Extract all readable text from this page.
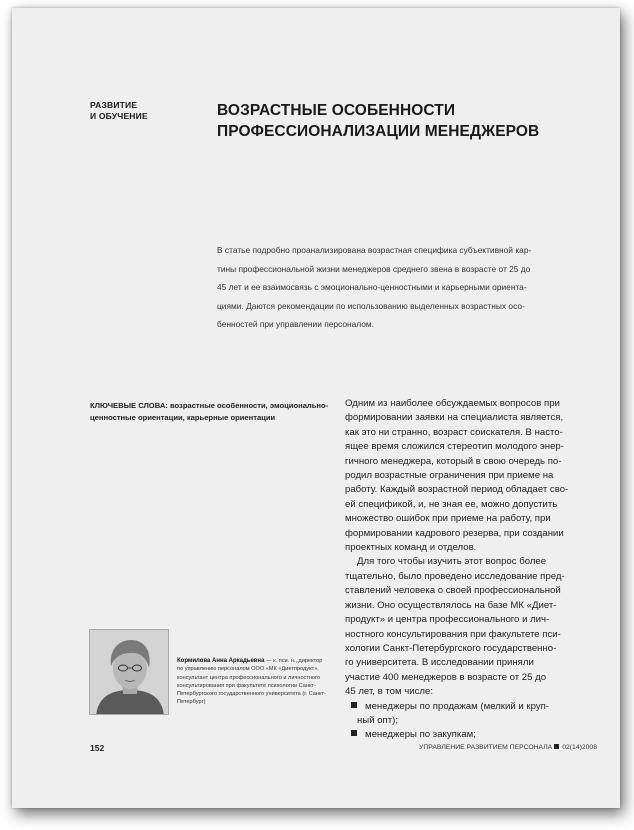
РАЗВИТИЕ
И ОБУЧЕНИЕ	ВОЗРАСТНЫЕ ОСОБЕННОСТИ
ПРОФЕССИОНАЛИЗАЦИИ МЕНЕДЖЕРОВ
В статье подробно проанализирована возрастная специфика субъективной кар-
тины профессиональной жизни менеджеров среднего звена в возрасте от 25 до
45 лет и ее взаимосвязь с эмоционально-ценностными и карьерными ориента-
циями. Даются рекомендации по использованию выделенных возрастных осо-
бенностей при управлении персоналом.
КЛЮЧЕВЫЕ СЛОВА: возрастные особенности, эмоционально-
ценностные ориентации, карьерные ориентации
Одним из наиболее обсуждаемых вопросов при
формировании заявки на специалиста является,
как это ни странно, возраст соискателя. В насто-
ящее время сложился стереотип молодого энер-
гичного менеджера, который в свою очередь по-
родил возрастные ограничения при приеме на
работу. Каждый возрастной период обладает сво-
ей спецификой, и, не зная ее, можно допустить
множество ошибок при приеме на работу, при
формировании кадрового резерва, при создании
проектных команд и отделов.
Для того чтобы изучить этот вопрос более
тщательно, было проведено исследование пред-
ставлений человека о своей профессиональной
жизни. Оно осуществлялось на базе МК «Диет-
продукт» и центра профессионального и лич-
ностного консультирования при факультете пси-
хологии Санкт-Петербургского государственно-
го университета. В исследовании приняли
участие 400 менеджеров в возрасте от 25 до
45 лет, в том числе:
менеджеры по продажам (мелкий и круп-
ный опт);
менеджеры по закупкам;
Кормилова Анна Аркадьевна — к. пси. н., директор
по управлению персоналом ООО «МК «Диетпродукт»,
консультант центра профессионального и личностного
консультирования при факультете психологии Санкт-
Петербургского государственного университета (г. Санкт-
Петербург)
152	УПРАВЛЕНИЕ РАЗВИТИЕМ ПЕРСОНАЛА 02(14)2008
